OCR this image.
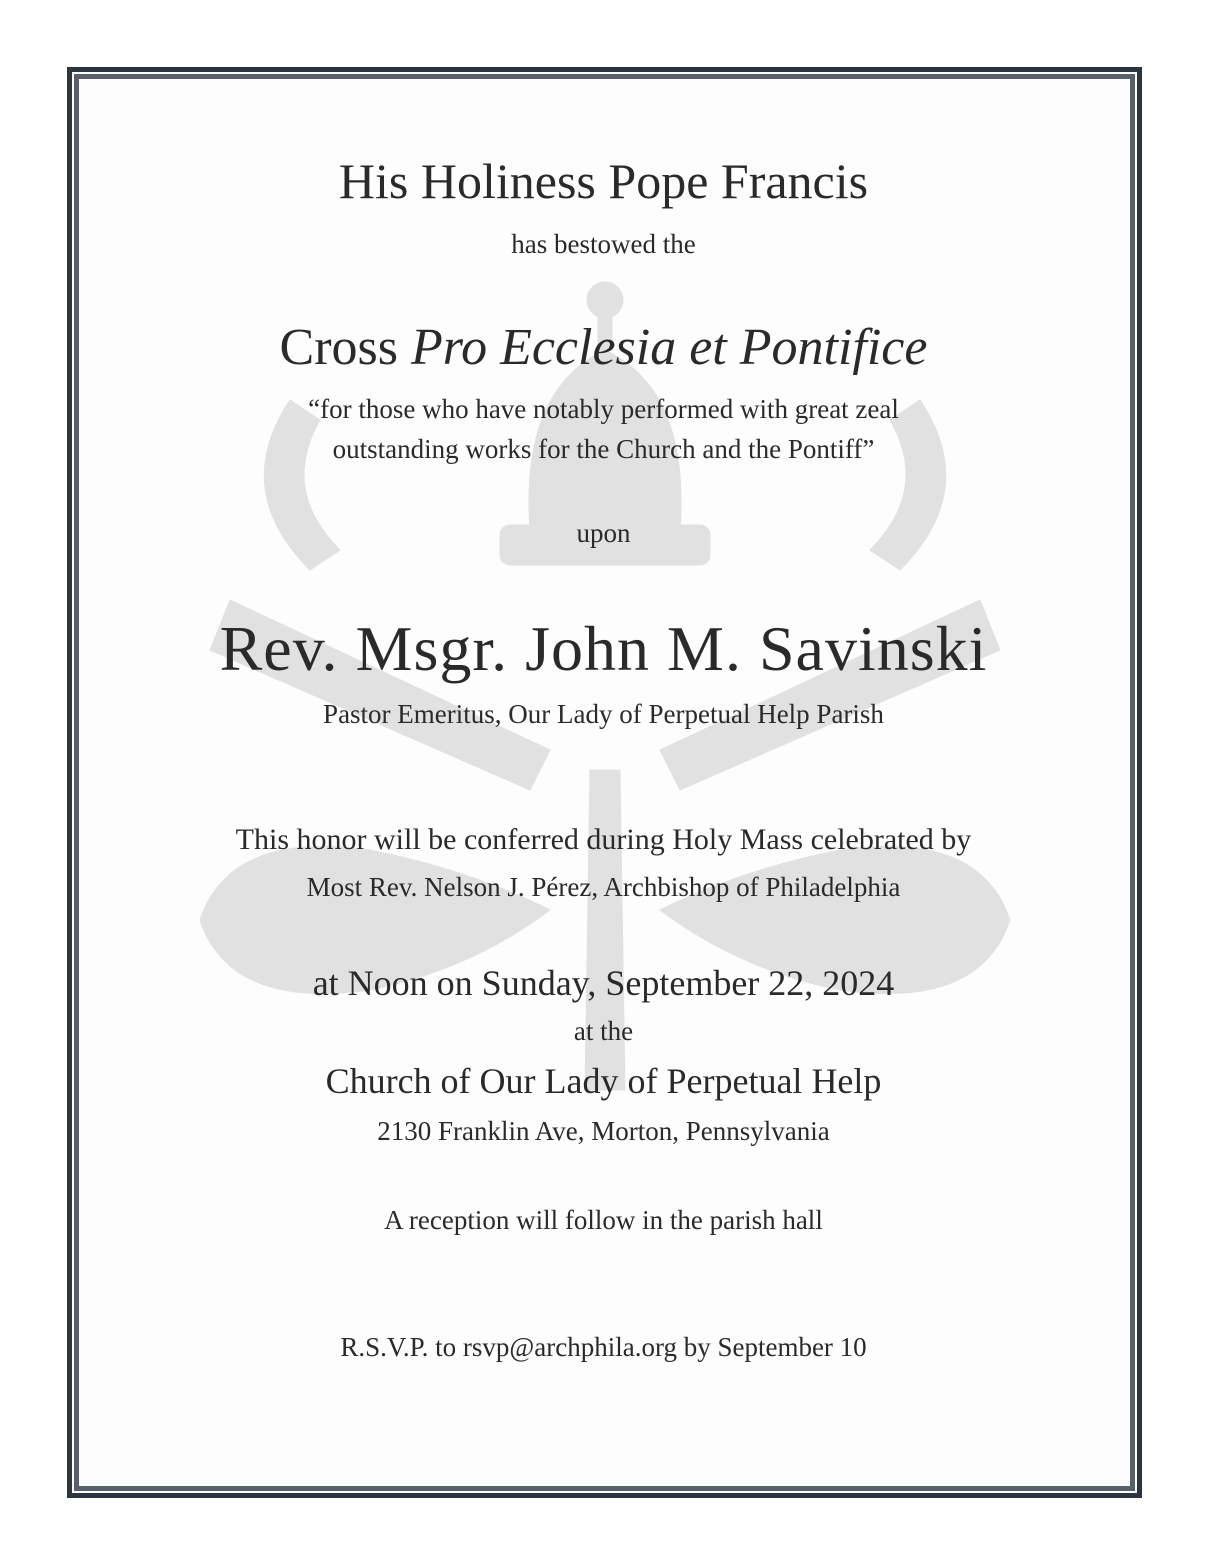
His Holiness Pope Francis
has bestowed the
Cross Pro Ecclesia et Pontifice
“for those who have notably performed with great zeal
outstanding works for the Church and the Pontiff”
upon
Rev. Msgr. John M. Savinski
Pastor Emeritus, Our Lady of Perpetual Help Parish
This honor will be conferred during Holy Mass celebrated by
Most Rev. Nelson J. Pérez, Archbishop of Philadelphia
at Noon on Sunday, September 22, 2024
at the
Church of Our Lady of Perpetual Help
2130 Franklin Ave, Morton, Pennsylvania
A reception will follow in the parish hall
R.S.V.P. to rsvp@archphila.org by September 10
